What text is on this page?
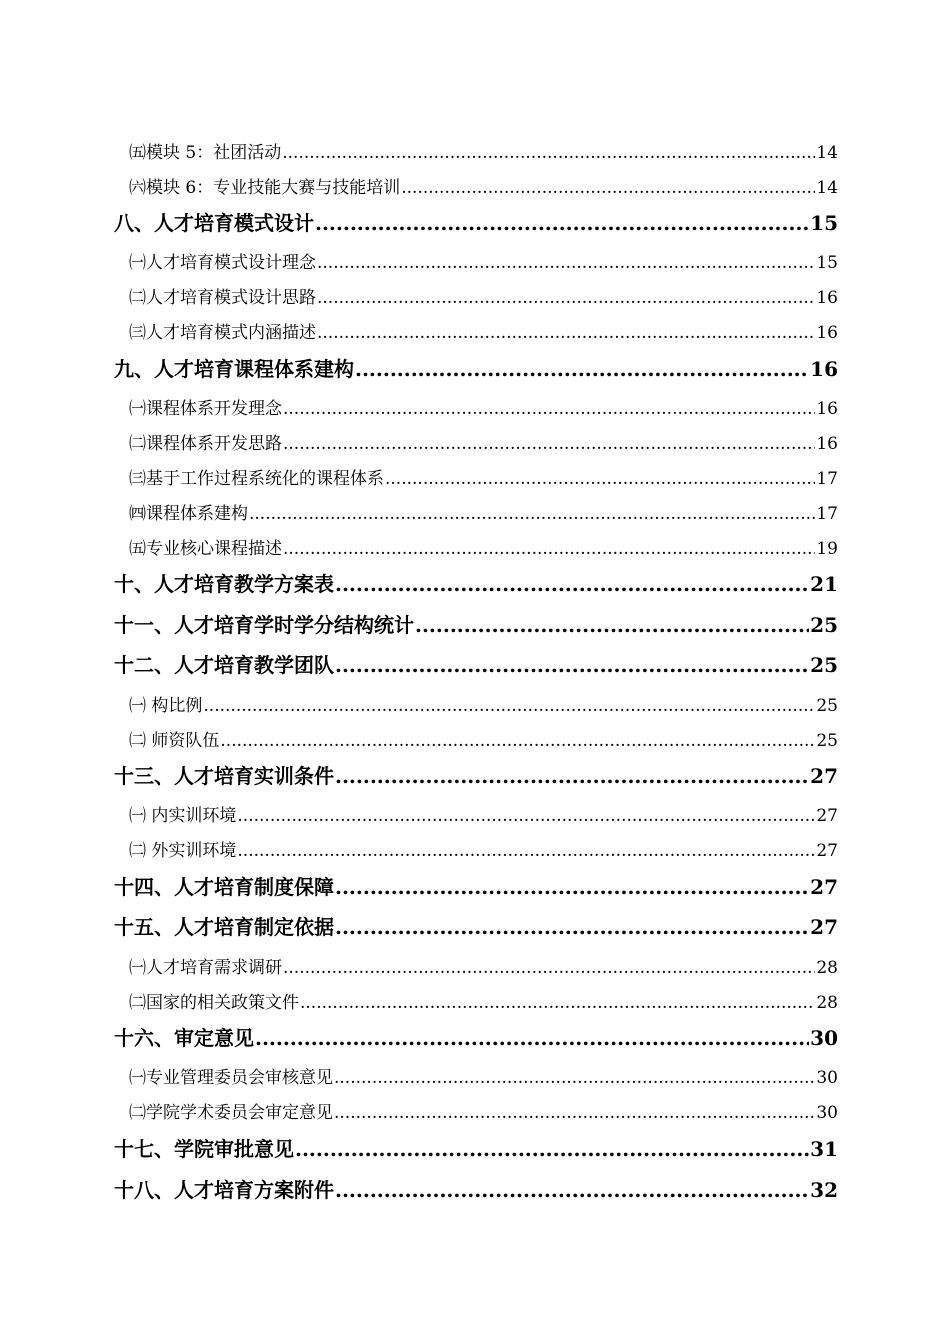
㈤模块 5：社团活动 .....	14
㈥模块 6：专业技能大赛与技能培训 .....	14
八、人才培育模式设计 .....	15
㈠人才培育模式设计理念 .....	15
㈡人才培育模式设计思路 .....	16
㈢人才培育模式内涵描述 .....	16
九、人才培育课程体系建构 .....	16
㈠课程体系开发理念 .....	16
㈡课程体系开发思路 .....	16
㈢基于工作过程系统化的课程体系 .....	17
㈣课程体系建构 .....	17
㈤专业核心课程描述 .....	19
十、人才培育教学方案表 .....	21
十一、人才培育学时学分结构统计 .....	25
十二、人才培育教学团队 .....	25
㈠ 构比例 .....	25
㈡ 师资队伍 .....	25
十三、人才培育实训条件 .....	27
㈠ 内实训环境 .....	27
㈡ 外实训环境 .....	27
十四、人才培育制度保障 .....	27
十五、人才培育制定依据 .....	27
㈠人才培育需求调研 .....	28
㈡国家的相关政策文件 .....	28
十六、审定意见 .....	30
㈠专业管理委员会审核意见 .....	30
㈡学院学术委员会审定意见 .....	30
十七、学院审批意见 .....	31
十八、人才培育方案附件 .....	32
